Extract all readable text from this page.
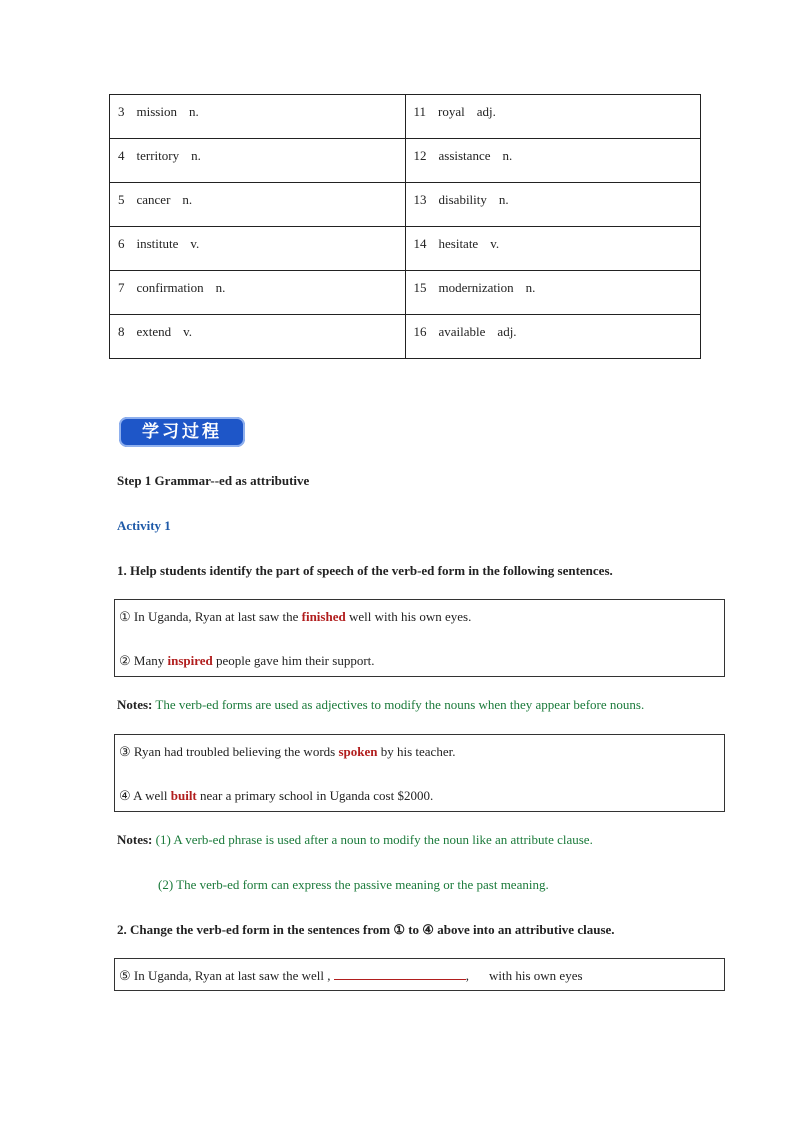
3 mission n.	11 royal adj.
4 territory n.	12 assistance n.
5 cancer n.	13 disability n.
6 institute v.	14 hesitate v.
7 confirmation n.	15 modernization n.
8 extend v.	16 available adj.
学习过程
Step 1 Grammar--ed as attributive
Activity 1
1. Help students identify the part of speech of the verb-ed form in the following sentences.
① In Uganda, Ryan at last saw the finished well with his own eyes.
② Many inspired people gave him their support.
Notes: The verb-ed forms are used as adjectives to modify the nouns when they appear before nouns.
③ Ryan had troubled believing the words spoken by his teacher.
④ A well built near a primary school in Uganda cost $2000.
Notes: (1) A verb-ed phrase is used after a noun to modify the noun like an attribute clause.
(2) The verb-ed form can express the passive meaning or the past meaning.
2. Change the verb-ed form in the sentences from ① to ④ above into an attributive clause.
⑤ In Uganda, Ryan at last saw the well ,	, with his own eyes
